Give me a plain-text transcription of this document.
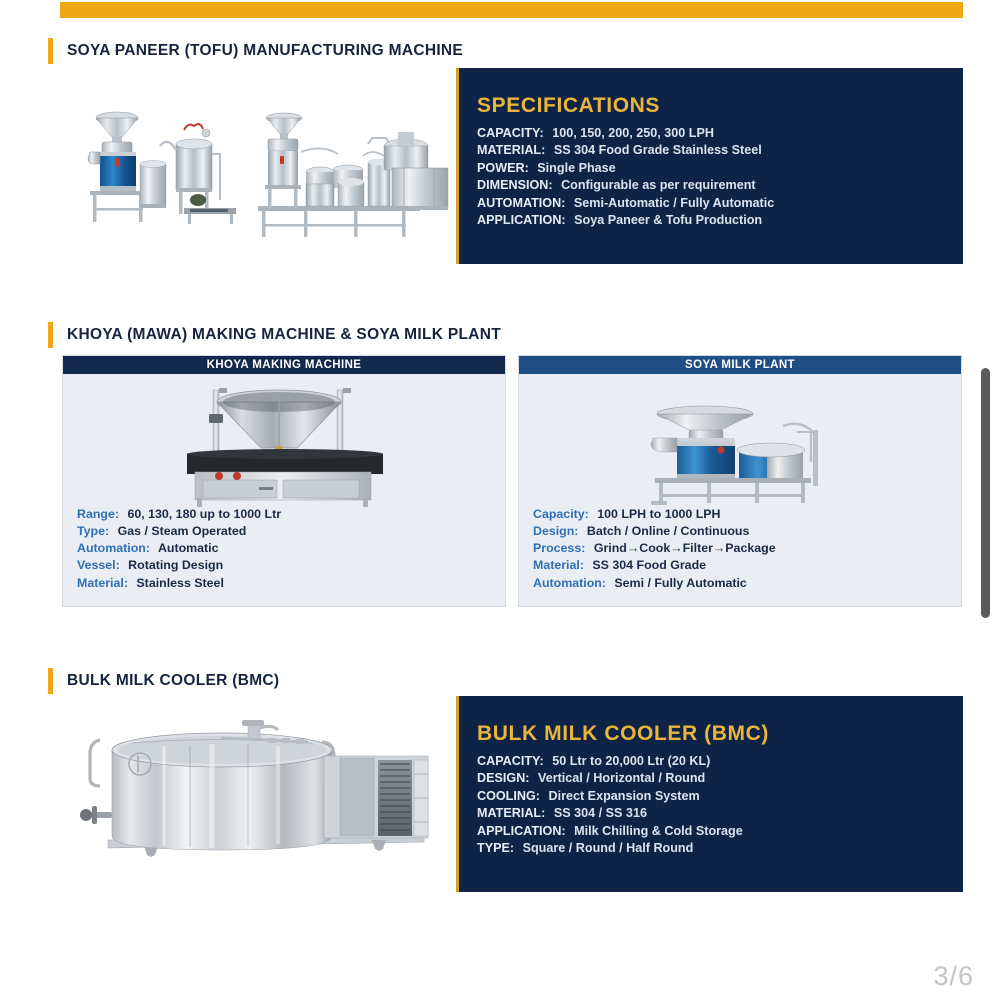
SOYA PANEER (TOFU) MANUFACTURING MACHINE
SPECIFICATIONS
CAPACITY: 100, 150, 200, 250, 300 LPH
MATERIAL: SS 304 Food Grade Stainless Steel
POWER: Single Phase
DIMENSION: Configurable as per requirement
AUTOMATION: Semi-Automatic / Fully Automatic
APPLICATION: Soya Paneer & Tofu Production
KHOYA (MAWA) MAKING MACHINE & SOYA MILK PLANT
KHOYA MAKING MACHINE
Range: 60, 130, 180 up to 1000 Ltr
Type: Gas / Steam Operated
Automation: Automatic
Vessel: Rotating Design
Material: Stainless Steel
SOYA MILK PLANT
Capacity: 100 LPH to 1000 LPH
Design: Batch / Online / Continuous
Process: Grind→Cook→Filter→Package
Material: SS 304 Food Grade
Automation: Semi / Fully Automatic
BULK MILK COOLER (BMC)
BULK MILK COOLER (BMC)
CAPACITY: 50 Ltr to 20,000 Ltr (20 KL)
DESIGN: Vertical / Horizontal / Round
COOLING: Direct Expansion System
MATERIAL: SS 304 / SS 316
APPLICATION: Milk Chilling & Cold Storage
TYPE: Square / Round / Half Round
3/6
